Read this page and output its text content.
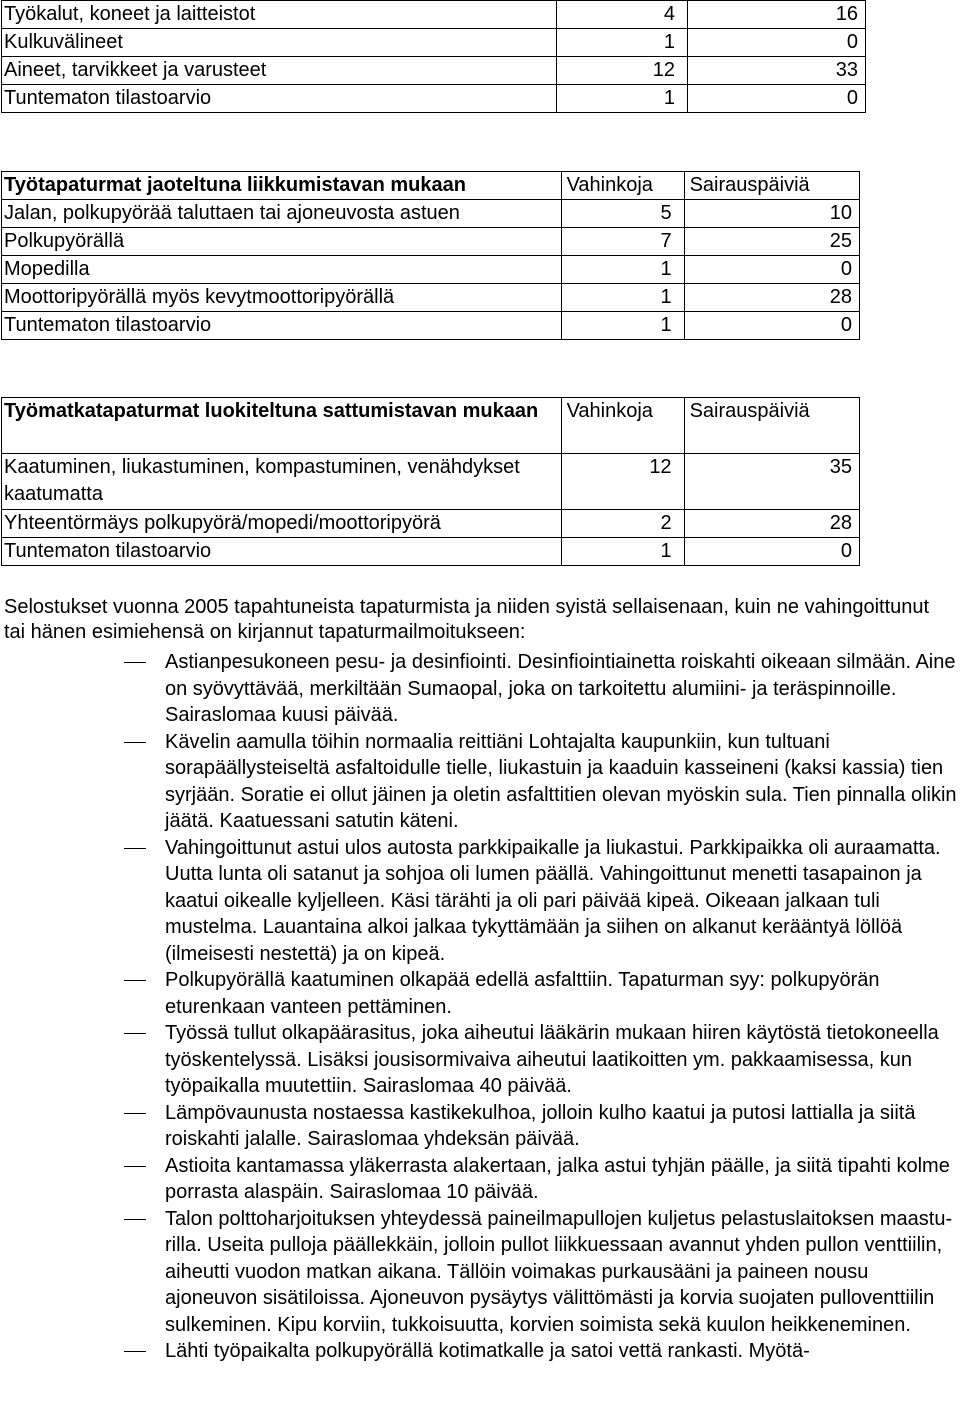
Työkalut, koneet ja laitteistot	4	16
Kulkuvälineet	1	0
Aineet, tarvikkeet ja varusteet	12	33
Tuntematon tilastoarvio	1	0
Työtapaturmat jaoteltuna liikkumistavan mukaan	Vahinkoja	Sairauspäiviä
Jalan, polkupyörää taluttaen tai ajoneuvosta astuen	5	10
Polkupyörällä	7	25
Mopedilla	1	0
Moottoripyörällä myös kevytmoottoripyörällä	1	28
Tuntematon tilastoarvio	1	0
Työmatkatapaturmat luokiteltuna sattumistavan mukaan	Vahinkoja	Sairauspäiviä
Kaatuminen, liukastuminen, kompastuminen, venähdykset kaatumatta	12	35
Yhteentörmäys polkupyörä/mopedi/moottoripyörä	2	28
Tuntematon tilastoarvio	1	0

Selostukset vuonna 2005 tapahtuneista tapaturmista ja niiden syistä sellaisenaan, kuin ne vahingoittunut tai hänen esimiehensä on kirjannut tapaturmailmoitukseen:

Astianpesukoneen pesu- ja desinfiointi. Desinfiointiainetta roiskahti oikeaan silmään. Aine on syövyttävää, merkiltään Sumaopal, joka on tarkoitettu alumiini- ja teräspinnoille. Sairaslomaa kuusi päivää.
Kävelin aamulla töihin normaalia reittiäni Lohtajalta kaupunkiin, kun tultuani sorapäällysteiseltä asfaltoidulle tielle, liukastuin ja kaaduin kasseineni (kaksi kassia) tien syrjään. Soratie ei ollut jäinen ja oletin asfalttitien olevan myöskin sula. Tien pinnalla olikin jäätä. Kaatuessani satutin käteni.
Vahingoittunut astui ulos autosta parkkipaikalle ja liukastui. Parkkipaikka oli auraamatta. Uutta lunta oli satanut ja sohjoa oli lumen päällä. Vahingoittunut menetti tasapainon ja kaatui oikealle kyljelleen. Käsi tärähti ja oli pari päivää kipeä. Oikeaan jalkaan tuli mustelma. Lauantaina alkoi jalkaa tykyttämään ja siihen on alkanut kerääntyä löllöä (ilmeisesti nestettä) ja on kipeä.
Polkupyörällä kaatuminen olkapää edellä asfalttiin. Tapaturman syy: polkupyörän eturenkaan vanteen pettäminen.
Työssä tullut olkapäärasitus, joka aiheutui lääkärin mukaan hiiren käytöstä tietokoneella työskentelyssä. Lisäksi jousisormivaiva aiheutui laatikoitten ym. pakkaamisessa, kun työpaikalla muutettiin. Sairaslomaa 40 päivää.
Lämpövaunusta nostaessa kastikekulhoa, jolloin kulho kaatui ja putosi lattialla ja siitä roiskahti jalalle. Sairaslomaa yhdeksän päivää.
Astioita kantamassa yläkerrasta alakertaan, jalka astui tyhjän päälle, ja siitä tipahti kolme porrasta alaspäin. Sairaslomaa 10 päivää.
Talon polttoharjoituksen yhteydessä paineilmapullojen kuljetus pelastuslaitoksen maasturilla. Useita pulloja päällekkäin, jolloin pullot liikkuessaan avannut yhden pullon venttiilin, aiheutti vuodon matkan aikana. Tällöin voimakas purkausääni ja paineen nousu ajoneuvon sisätiloissa. Ajoneuvon pysäytys välittömästi ja korvia suojaten pulloventtiilin sulkeminen. Kipu korviin, tukkoisuutta, korvien soimista sekä kuulon heikkeneminen.
Lähti työpaikalta polkupyörällä kotimatkalle ja satoi vettä rankasti. Myötä-
